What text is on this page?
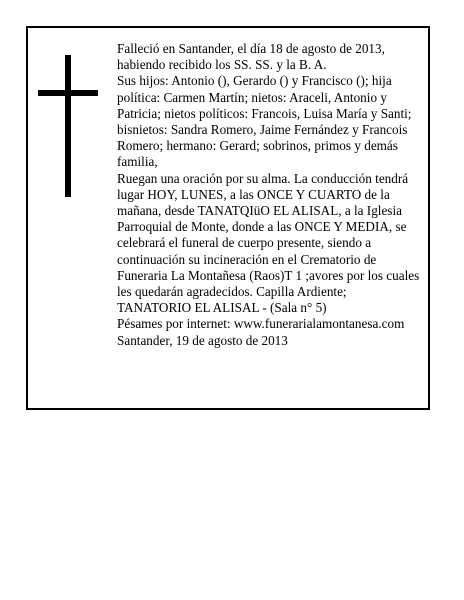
Falleció en Santander, el día 18 de agosto de 2013, habiendo recibido los SS. SS. y la B. A.

Sus hijos: Antonio (), Gerardo () y Francisco (); hija política: Carmen Martín; nietos: Araceli, Antonio y Patricia; nietos políticos: Francois, Luisa María y Santi; bisnietos: Sandra Romero, Jaime Fernández y Francois Romero; hermano: Gerard; sobrinos, primos y demás familia,

Ruegan una oración por su alma. La conducción tendrá lugar HOY, LUNES, a las ONCE Y CUARTO de la mañana, desde TANATQIüO EL ALISAL, a la Iglesia Parroquial de Monte, donde a las ONCE Y MEDIA, se celebrará el funeral de cuerpo presente, siendo a continuación su incineración en el Crematorio de Funeraria La Montañesa (Raos)T 1 ;avores por los cuales les quedarán agradecidos. Capilla Ardiente; TANATORIO EL ALISAL - (Sala n° 5)

Pésames por internet: www.funerarialamontanesa.com

Santander, 19 de agosto de 2013
